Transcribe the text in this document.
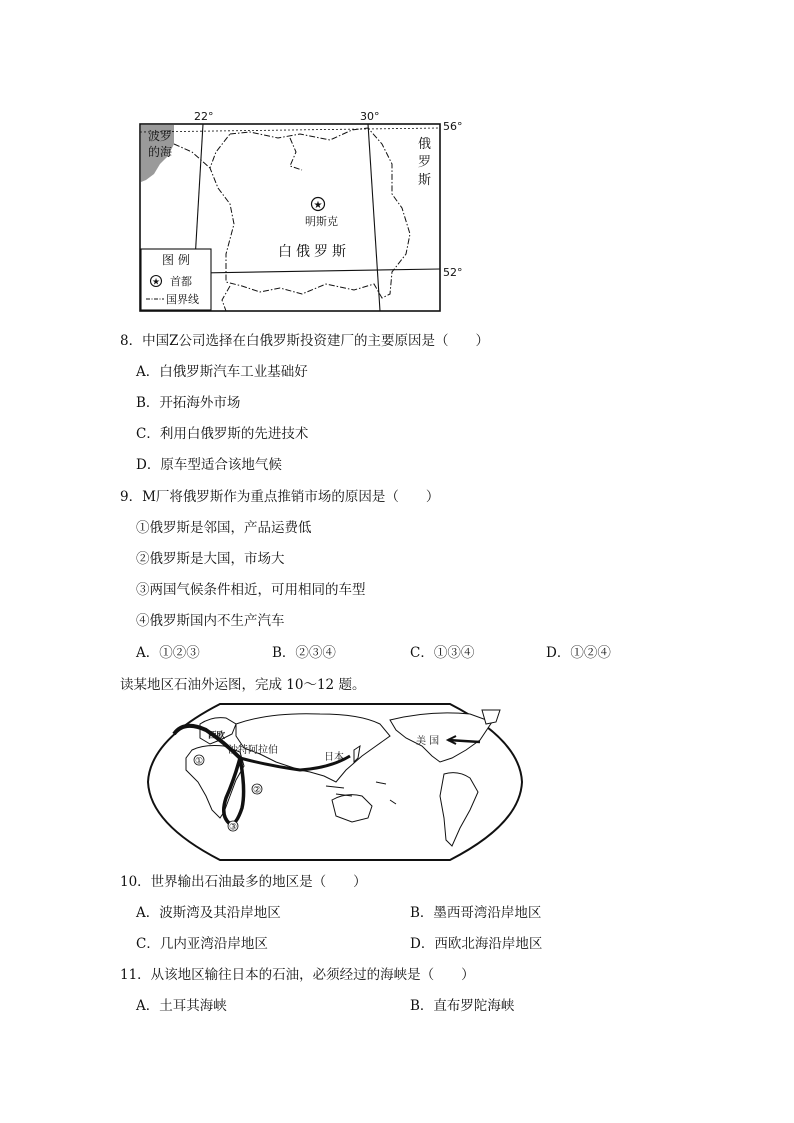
22°	30°
56°
52°
波罗
的海	俄
罗
斯
★
明斯克
白俄罗斯
图 例
★ 首都
国界线
8．中国Z公司选择在白俄罗斯投资建厂的主要原因是（　　）
A．白俄罗斯汽车工业基础好
B．开拓海外市场
C．利用白俄罗斯的先进技术
D．原车型适合该地气候
9．M厂将俄罗斯作为重点推销市场的原因是（　　）
①俄罗斯是邻国，产品运费低
②俄罗斯是大国，市场大
③两国气候条件相近，可用相同的车型
④俄罗斯国内不生产汽车
A．①②③	B．②③④	C．①③④	D．①②④
读某地区石油外运图，完成 10～12 题。
西欧
沙特阿拉伯
日本
美 国
①
②
③
10．世界输出石油最多的地区是（　　）
A．波斯湾及其沿岸地区	B．墨西哥湾沿岸地区
C．几内亚湾沿岸地区	D．西欧北海沿岸地区
11．从该地区输往日本的石油，必须经过的海峡是（　　）
A．土耳其海峡	B．直布罗陀海峡
